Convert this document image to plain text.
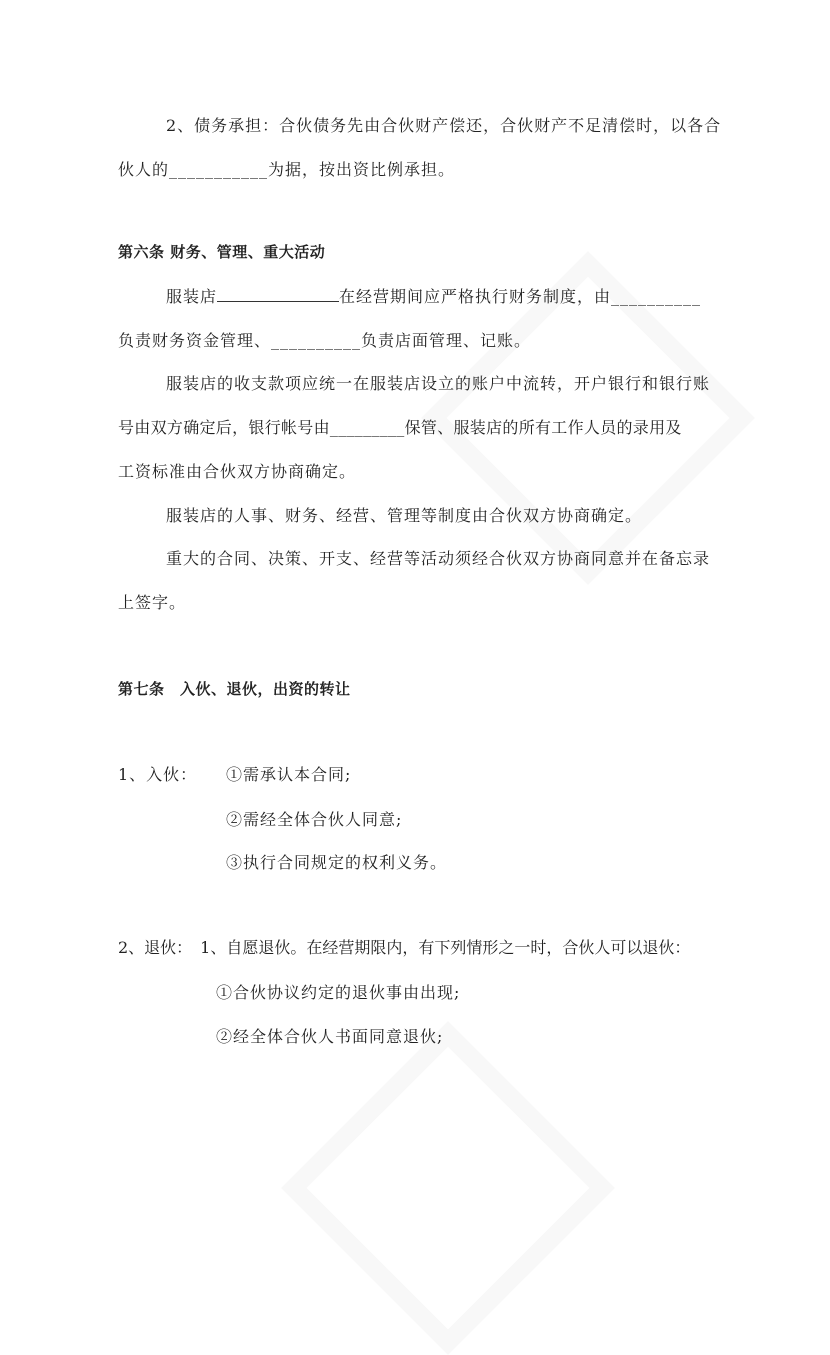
2、债务承担：合伙债务先由合伙财产偿还，合伙财产不足清偿时，以各合
伙人的___________为据，按出资比例承担。
第六条 财务、管理、重大活动
服装店	在经营期间应严格执行财务制度，由__________
负责财务资金管理、__________负责店面管理、记账。
服装店的收支款项应统一在服装店设立的账户中流转，开户银行和银行账
号由双方确定后，银行帐号由_________保管、服装店的所有工作人员的录用及
工资标准由合伙双方协商确定。
服装店的人事、财务、经营、管理等制度由合伙双方协商确定。
重大的合同、决策、开支、经营等活动须经合伙双方协商同意并在备忘录
上签字。
第七条　入伙、退伙，出资的转让
1、入伙： ①需承认本合同;
②需经全体合伙人同意;
③执行合同规定的权利义务。
2、退伙：　1、自愿退伙。在经营期限内，有下列情形之一时，合伙人可以退伙：
①合伙协议约定的退伙事由出现;
②经全体合伙人书面同意退伙;
